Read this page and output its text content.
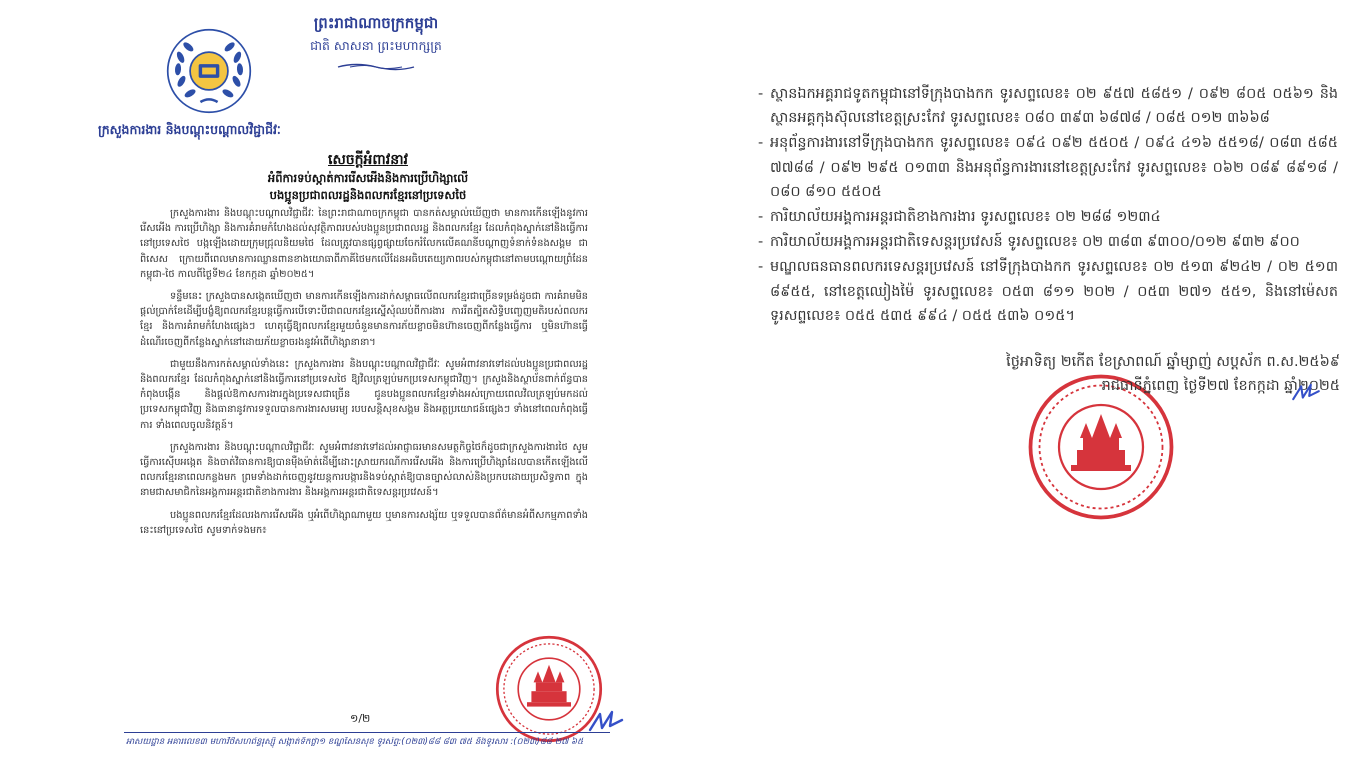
ព្រះរាជាណាចក្រកម្ពុជា
ជាតិ សាសនា ព្រះមហាក្សត្រ
ក្រសួងការងារ និងបណ្តុះបណ្តាលវិជ្ជាជីវៈ
សេចក្តីអំពាវនាវ
អំពីការទប់ស្កាត់ការរើសអើងនិងការប្រើហិង្សាលើ
បងប្អូនប្រជាពលរដ្ឋនិងពលករខ្មែរនៅប្រទេសថៃ

ក្រសួងការងារ និងបណ្តុះបណ្តាលវិជ្ជាជីវៈ នៃព្រះរាជាណាចក្រកម្ពុជា បានកត់សម្គាល់ឃើញថា មានការកើនឡើងនូវការរើសអើង ការប្រើហិង្សា និងការគំរាមកំហែងដល់សុវត្ថិភាពរបស់បងប្អូនប្រជាពលរដ្ឋ និងពលករខ្មែរ ដែលកំពុងស្នាក់នៅនិងធ្វើការនៅប្រទេសថៃ បង្កឡើងដោយក្រុមជ្រុលនិយមថៃ ដែលត្រូវបានផ្សព្វផ្សាយចែករំលែកលើគណនីបណ្តាញទំនាក់ទំនងសង្គម ជាពិសេស ក្រោយពីពេលមានការឈ្លានពានខាងយោធាពីភាគីថៃមកលើដែនអធិបតេយ្យភាពរបស់កម្ពុជានៅតាមបណ្តោយព្រំដែនកម្ពុជា-ថៃ កាលពីថ្ងៃទី២៤ ខែកក្កដា ឆ្នាំ២០២៥។

ទន្ទឹមនេះ ក្រសួងបានសង្កេតឃើញថា មានការកើនឡើងការដាក់សម្ពាធលើពលករខ្មែរជាច្រើនទម្រង់ដូចជា ការគំរាមមិនផ្តល់ប្រាក់ខែដើម្បីបង្ខំឱ្យពលករខ្មែរបន្តធ្វើការបើទោះបីជាពលករខ្មែរស្នើសុំឈប់ពីការងារ ការរឹតត្បិតសិទ្ធិបញ្ចេញមតិរបស់ពលករខ្មែរ និងការគំរាមកំហែងផ្សេងៗ ហេតុធ្វើឱ្យពលករខ្មែរមួយចំនួនមានការភ័យខ្លាចមិនហ៊ានចេញពីកន្លែងធ្វើការ ឬមិនហ៊ានធ្វើដំណើរចេញពីកន្លែងស្នាក់នៅដោយភ័យខ្លាចរងនូវអំពើហិង្សានានា។

ជាមួយនឹងការកត់សម្គាល់ទាំងនេះ ក្រសួងការងារ និងបណ្តុះបណ្តាលវិជ្ជាជីវៈ សូមអំពាវនាវទៅដល់បងប្អូនប្រជាពលរដ្ឋនិងពលករខ្មែរ ដែលកំពុងស្នាក់នៅនិងធ្វើការនៅប្រទេសថៃ ឱ្យវិលត្រឡប់មកប្រទេសកម្ពុជាវិញ។ ក្រសួងនិងស្ថាប័នពាក់ព័ន្ធបានកំពុងបង្កើន និងផ្តល់ឱកាសការងារក្នុងប្រទេសជាច្រើន ជូនបងប្អូនពលករខ្មែរទាំងអស់ក្រោយពេលវិលត្រឡប់មកដល់ប្រទេសកម្ពុជាវិញ និងធានានូវការទទួលបានការងារសមរម្យ របបសន្តិសុខសង្គម និងអត្ថប្រយោជន៍ផ្សេងៗ ទាំងនៅពេលកំពុងធ្វើការ ទាំងពេលចូលនិវត្តន៍។

ក្រសួងការងារ និងបណ្តុះបណ្តាលវិជ្ជាជីវៈ សូមអំពាវនាវទៅដល់អាជ្ញាធរមានសមត្ថកិច្ចថៃក៏ដូចជាក្រសួងការងារថៃ សូមធ្វើការស៊ើបអង្កេត និងចាត់វិធានការឱ្យបានម៉ឺងម៉ាត់ដើម្បីដោះស្រាយករណីការរើសអើង និងការប្រើហិង្សាដែលបានកើតឡើងលើពលករខ្មែរនាពេលកន្លងមក ព្រមទាំងដាក់ចេញនូវយន្តការបង្ការនិងទប់ស្កាត់ឱ្យបានច្បាស់លាស់និងប្រកបដោយប្រសិទ្ធភាព ក្នុងនាមជាសមាជិកនៃអង្គការអន្តរជាតិខាងការងារ និងអង្គការអន្តរជាតិទេសន្តរប្រវេសន៍។

បងប្អូនពលករខ្មែរដែលរងការរើសអើង ឬអំពើហិង្សាណាមួយ ឬមានការសង្ស័យ ឬទទួលបានព័ត៌មានអំពីសកម្មភាពទាំងនេះនៅប្រទេសថៃ សូមទាក់ទងមក៖

១/២
អាសយដ្ឋាន អគារលេខ៣ មហាវិថីសហព័ន្ធរុស្ស៊ី សង្កាត់ទឹកថ្លា១ ខណ្ឌសែនសុខ ទូរស័ព្ទ:(០២៣)៨៨ ៨៣ ៧៥ និងទូរសារ :(០២៣)៨៨ ២៧ ៦៥
- ស្ថានឯកអគ្គរាជទូតកម្ពុជានៅទីក្រុងបាងកក ទូរសព្ទលេខ៖ ០២ ៩៥៧ ៥៨៥១ / ០៩២ ៨០៥ ០៥៦១ និងស្ថានអគ្គកុងស៊ុលនៅខេត្តស្រះកែវ ទូរសព្ទលេខ៖ ០៨០ ៣៩៣ ៦៨៧៨ / ០៨៥ ០១២ ៣៦៦៨
- អនុព័ន្ធការងារនៅទីក្រុងបាងកក ទូរសព្ទលេខ៖ ០៩៤ ០៩២ ៥៥០៥ / ០៩៤ ៤១៦ ៥៥១៨/ ០៨៣ ៥៨៥ ៧៧៨៨ / ០៩២ ២៩៥ ០១៣៣ និងអនុព័ន្ធការងារនៅខេត្តស្រះកែវ ទូរសព្ទលេខ៖ ០៦២ ០៨៩ ៨៩១៨ / ០៨០ ៨១០ ៥៥០៥
- ការិយាល័យអង្គការអន្តរជាតិខាងការងារ ទូរសព្ទលេខ៖ ០២ ២៨៨ ១២៣៤
- ការិយាល័យអង្គការអន្តរជាតិទេសន្តរប្រវេសន៍ ទូរសព្ទលេខ៖ ០២ ៣៨៣ ៩៣០០/០១២ ៩៣២ ៩០០
- មណ្ឌលធនធានពលករទេសន្តរប្រវេសន៍ នៅទីក្រុងបាងកក ទូរសព្ទលេខ៖ ០២ ៥១៣ ៩២៤២ / ០២ ៥១៣ ៨៩៥៥, នៅខេត្តឈៀងម៉ៃ ទូរសព្ទលេខ៖ ០៥៣ ៨១១ ២០២ / ០៥៣ ២៧១ ៥៥១, និងនៅម៉េសត ទូរសព្ទលេខ៖ ០៥៥ ៥៣៥ ៩៩៤ / ០៥៥ ៥៣៦ ០១៥។
ថ្ងៃអាទិត្យ ២កើត ខែស្រាពណ៍ ឆ្នាំម្សាញ់ សប្តស័ក ព.ស.២៥៦៩
រាជធានីភ្នំពេញ ថ្ងៃទី២៧ ខែកក្កដា ឆ្នាំ២០២៥
